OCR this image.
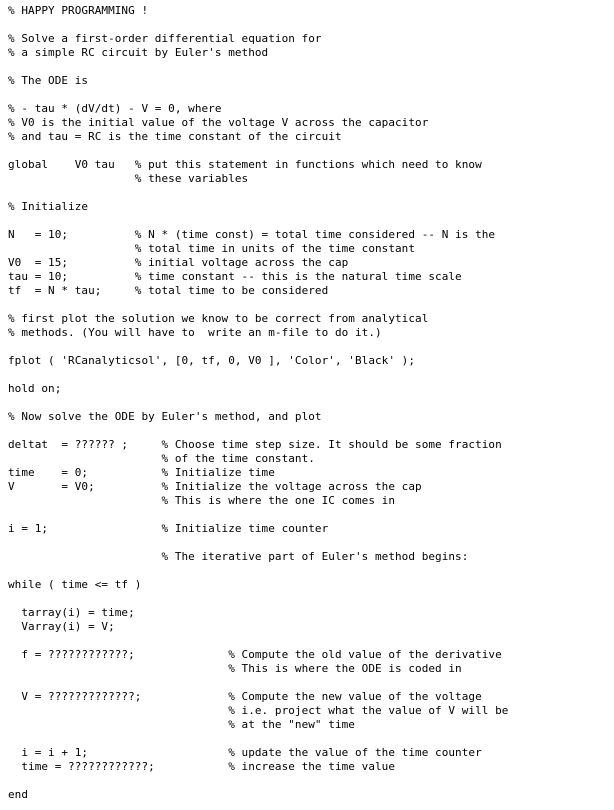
% HAPPY PROGRAMMING !
% Solve a first-order differential equation for
% a simple RC circuit by Euler's method
% The ODE is
% - tau * (dV/dt) - V = 0, where
% V0 is the initial value of the voltage V across the capacitor
% and tau = RC is the time constant of the circuit
global    V0 tau   % put this statement in functions which need to know
% these variables
% Initialize
N   = 10;          % N * (time const) = total time considered -- N is the
% total time in units of the time constant
V0  = 15;          % initial voltage across the cap
tau = 10;          % time constant -- this is the natural time scale
tf  = N * tau;     % total time to be considered
% first plot the solution we know to be correct from analytical
% methods. (You will have to  write an m-file to do it.)
fplot ( 'RCanalyticsol', [0, tf, 0, V0 ], 'Color', 'Black' );
hold on;
% Now solve the ODE by Euler's method, and plot
deltat  = ?????? ;     % Choose time step size. It should be some fraction
% of the time constant.
time    = 0;           % Initialize time
V       = V0;          % Initialize the voltage across the cap
% This is where the one IC comes in
i = 1;                 % Initialize time counter
% The iterative part of Euler's method begins:
while ( time <= tf )
tarray(i) = time;
Varray(i) = V;
f = ????????????;              % Compute the old value of the derivative
% This is where the ODE is coded in
V = ?????????????;             % Compute the new value of the voltage
% i.e. project what the value of V will be
% at the "new" time
i = i + 1;                     % update the value of the time counter
time = ????????????;           % increase the time value
end
